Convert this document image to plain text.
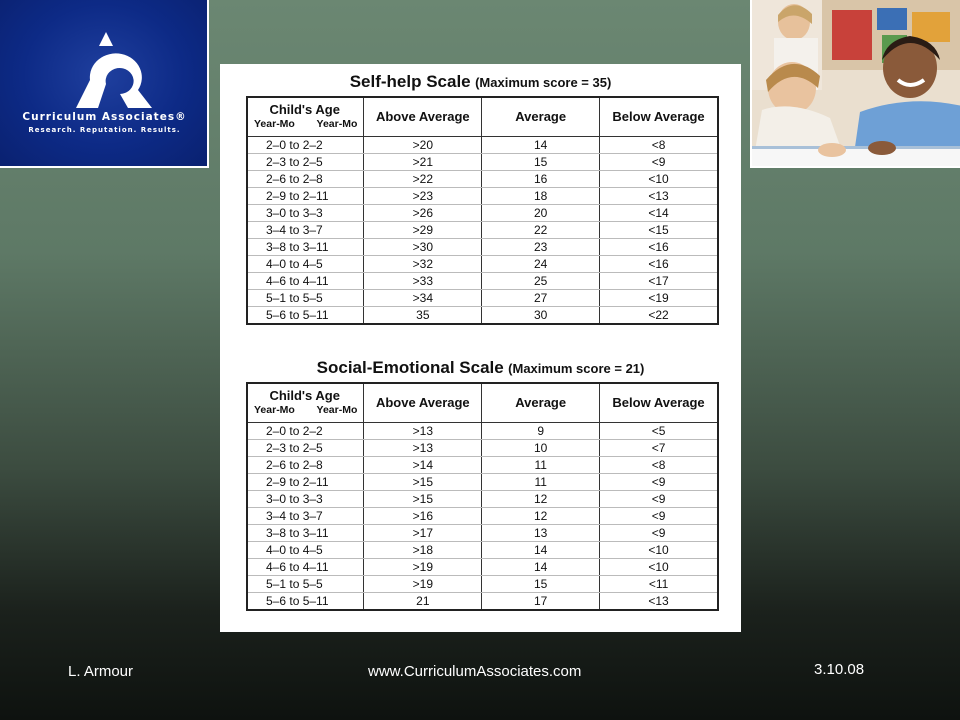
Curriculum Associates®
Research. Reputation. Results.
Self-help Scale (Maximum score = 35)
Child's Age
Year-Mo Year-Mo	Above Average	Average	Below Average
2–0 to 2–2	>20	14	<8
2–3 to 2–5	>21	15	<9
2–6 to 2–8	>22	16	<10
2–9 to 2–11	>23	18	<13
3–0 to 3–3	>26	20	<14
3–4 to 3–7	>29	22	<15
3–8 to 3–11	>30	23	<16
4–0 to 4–5	>32	24	<16
4–6 to 4–11	>33	25	<17
5–1 to 5–5	>34	27	<19
5–6 to 5–11	35	30	<22
Social-Emotional Scale (Maximum score = 21)
Child's Age
Year-Mo Year-Mo	Above Average	Average	Below Average
2–0 to 2–2	>13	9	<5
2–3 to 2–5	>13	10	<7
2–6 to 2–8	>14	11	<8
2–9 to 2–11	>15	11	<9
3–0 to 3–3	>15	12	<9
3–4 to 3–7	>16	12	<9
3–8 to 3–11	>17	13	<9
4–0 to 4–5	>18	14	<10
4–6 to 4–11	>19	14	<10
5–1 to 5–5	>19	15	<11
5–6 to 5–11	21	17	<13
L. Armour	www.CurriculumAssociates.com	3.10.08
